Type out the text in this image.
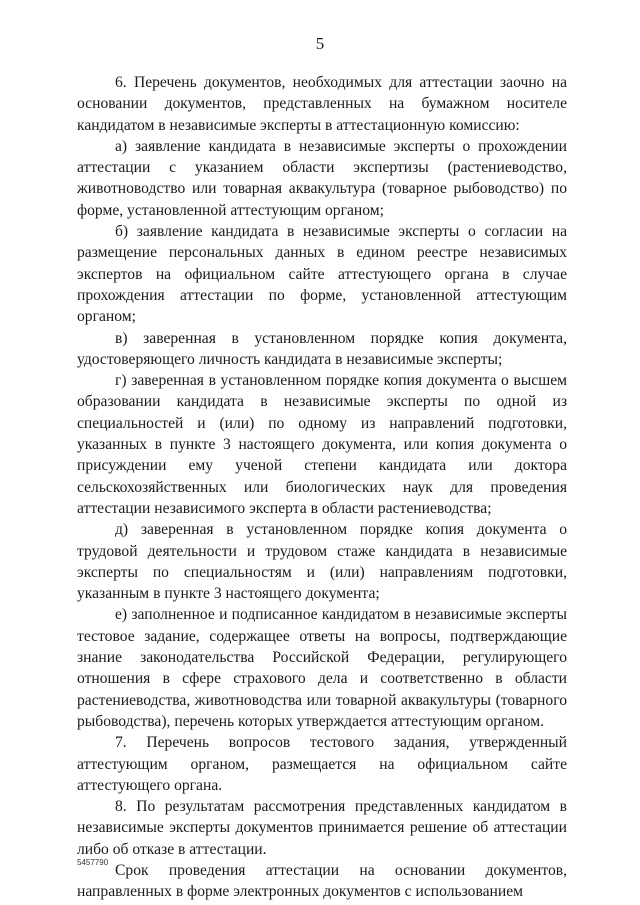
5

6. Перечень документов, необходимых для аттестации заочно на основании документов, представленных на бумажном носителе кандидатом в независимые эксперты в аттестационную комиссию:

а) заявление кандидата в независимые эксперты о прохождении аттестации с указанием области экспертизы (растениеводство, животноводство или товарная аквакультура (товарное рыбоводство) по форме, установленной аттестующим органом;

б) заявление кандидата в независимые эксперты о согласии на размещение персональных данных в едином реестре независимых экспертов на официальном сайте аттестующего органа в случае прохождения аттестации по форме, установленной аттестующим органом;

в) заверенная в установленном порядке копия документа, удостоверяющего личность кандидата в независимые эксперты;

г) заверенная в установленном порядке копия документа о высшем образовании кандидата в независимые эксперты по одной из специальностей и (или) по одному из направлений подготовки, указанных в пункте 3 настоящего документа, или копия документа о присуждении ему ученой степени кандидата или доктора сельскохозяйственных или биологических наук для проведения аттестации независимого эксперта в области растениеводства;

д) заверенная в установленном порядке копия документа о трудовой деятельности и трудовом стаже кандидата в независимые эксперты по специальностям и (или) направлениям подготовки, указанным в пункте 3 настоящего документа;

е) заполненное и подписанное кандидатом в независимые эксперты тестовое задание, содержащее ответы на вопросы, подтверждающие знание законодательства Российской Федерации, регулирующего отношения в сфере страхового дела и соответственно в области растениеводства, животноводства или товарной аквакультуры (товарного рыбоводства), перечень которых утверждается аттестующим органом.

7. Перечень вопросов тестового задания, утвержденный аттестующим органом, размещается на официальном сайте аттестующего органа.

8. По результатам рассмотрения представленных кандидатом в независимые эксперты документов принимается решение об аттестации либо об отказе в аттестации.

Срок проведения аттестации на основании документов, направленных в форме электронных документов с использованием

5457790
